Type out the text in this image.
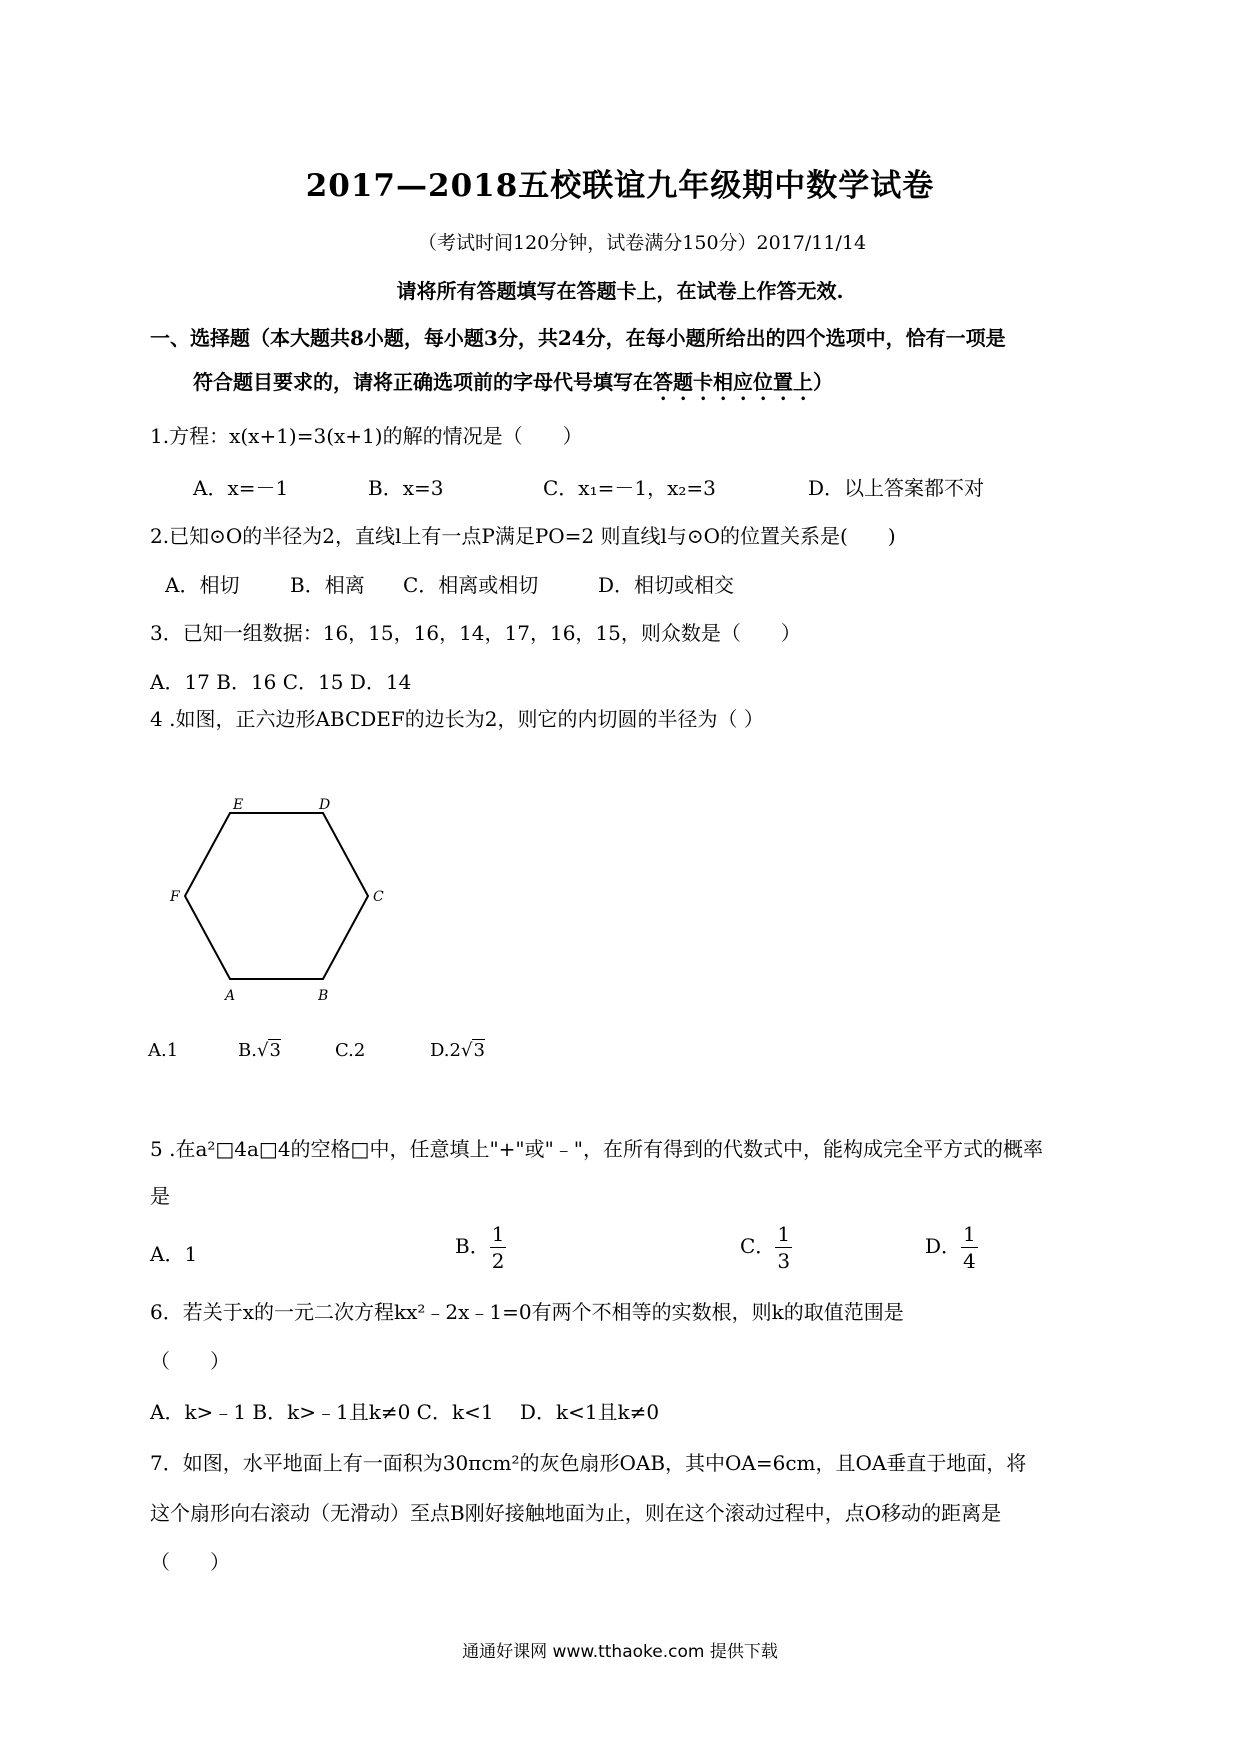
2017—2018五校联谊九年级期中数学试卷
（考试时间120分钟，试卷满分150分）2017/11/14
请将所有答题填写在答题卡上，在试卷上作答无效.
一、选择题（本大题共8小题，每小题3分，共24分，在每小题所给出的四个选项中，恰有一项是
符合题目要求的，请将正确选项前的字母代号填写在答题卡相应位置上）
1.方程：x(x+1)=3(x+1)的解的情况是（　　）
A．x=－1	B．x=3	C．x₁=－1，x₂=3	D．以上答案都不对
2.已知⊙O的半径为2，直线l上有一点P满足PO=2 则直线l与⊙O的位置关系是(　　)
A．相切	B．相离 C．相离或相切	D．相切或相交
3．已知一组数据：16，15，16，14，17，16，15，则众数是（　　）
A．17 B．16 C．15 D．14
4 .如图，正六边形ABCDEF的边长为2，则它的内切圆的半径为（ ）
A	B
C
D
E
F
A.1	B.√3	C.2	D.2√3
5 .在a²□4a□4的空格□中，任意填上"+"或"﹣"，在所有得到的代数式中，能构成完全平方式的概率
是
A．1	B． $\frac{1}{2}$	C． $\frac{1}{3}$	D． $\frac{1}{4}$
6．若关于x的一元二次方程kx²﹣2x﹣1=0有两个不相等的实数根，则k的取值范围是
（　　）
A．k>﹣1 B．k>﹣1且k≠0 C．k<1　 D．k<1且k≠0
7．如图，水平地面上有一面积为30πcm²的灰色扇形OAB，其中OA=6cm，且OA垂直于地面，将
这个扇形向右滚动（无滑动）至点B刚好接触地面为止，则在这个滚动过程中，点O移动的距离是
（　　）
通通好课网 www.tthaoke.com 提供下载
